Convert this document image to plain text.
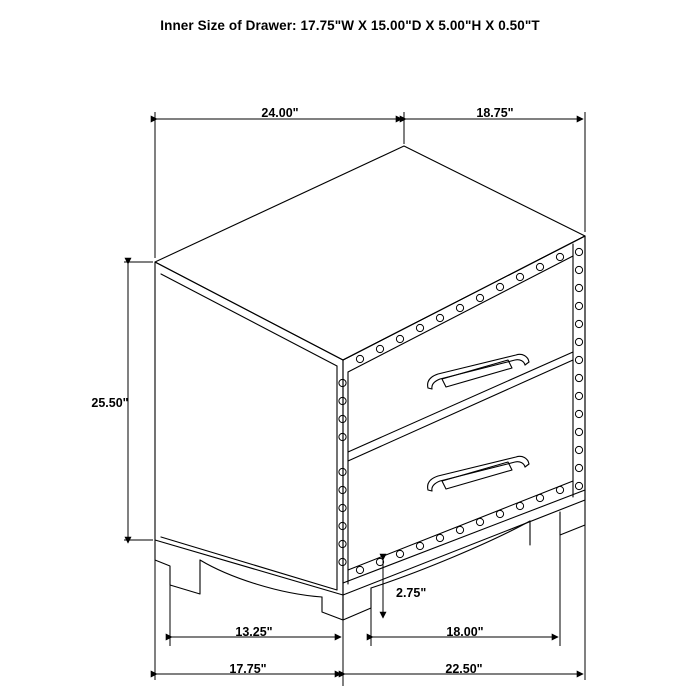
Inner Size of Drawer: 17.75"W X 15.00"D X 5.00"H X 0.50"T
24.00"	18.75"
25.50"
2.75"
13.25"	18.00"
17.75"	22.50"
